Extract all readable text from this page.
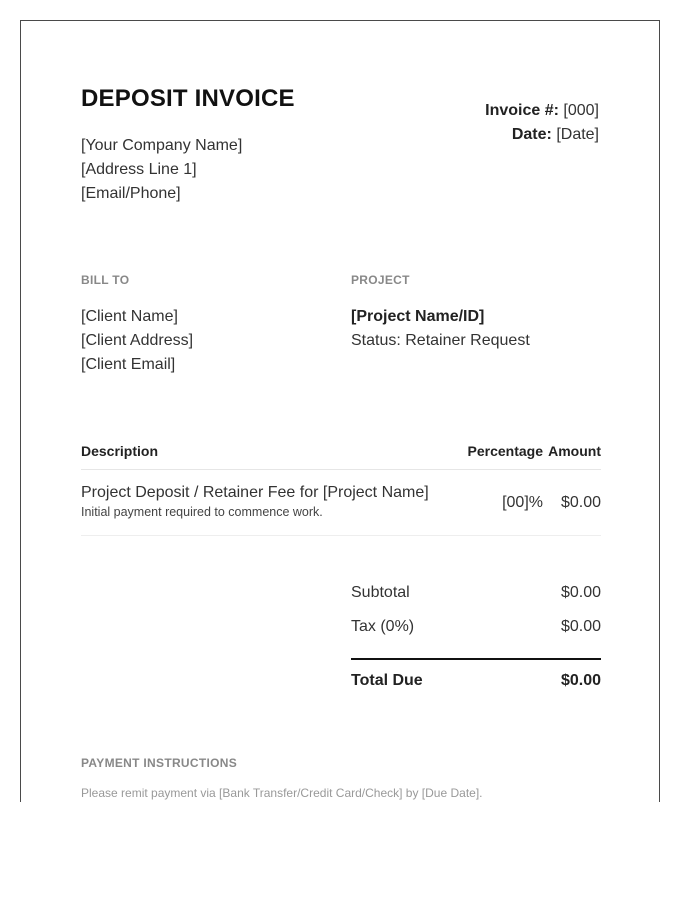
DEPOSIT INVOICE
[Your Company Name]
[Address Line 1]
[Email/Phone]
Invoice #: [000]
Date: [Date]
BILL TO
[Client Name]
[Client Address]
[Client Email]
PROJECT
[Project Name/ID]
Status: Retainer Request
Description	Percentage Amount
Project Deposit / Retainer Fee for [Project Name]
Initial payment required to commence work.
[00]% $0.00
Subtotal	$0.00
Tax (0%)	$0.00
Total Due	$0.00
PAYMENT INSTRUCTIONS
Please remit payment via [Bank Transfer/Credit Card/Check] by [Due Date].
